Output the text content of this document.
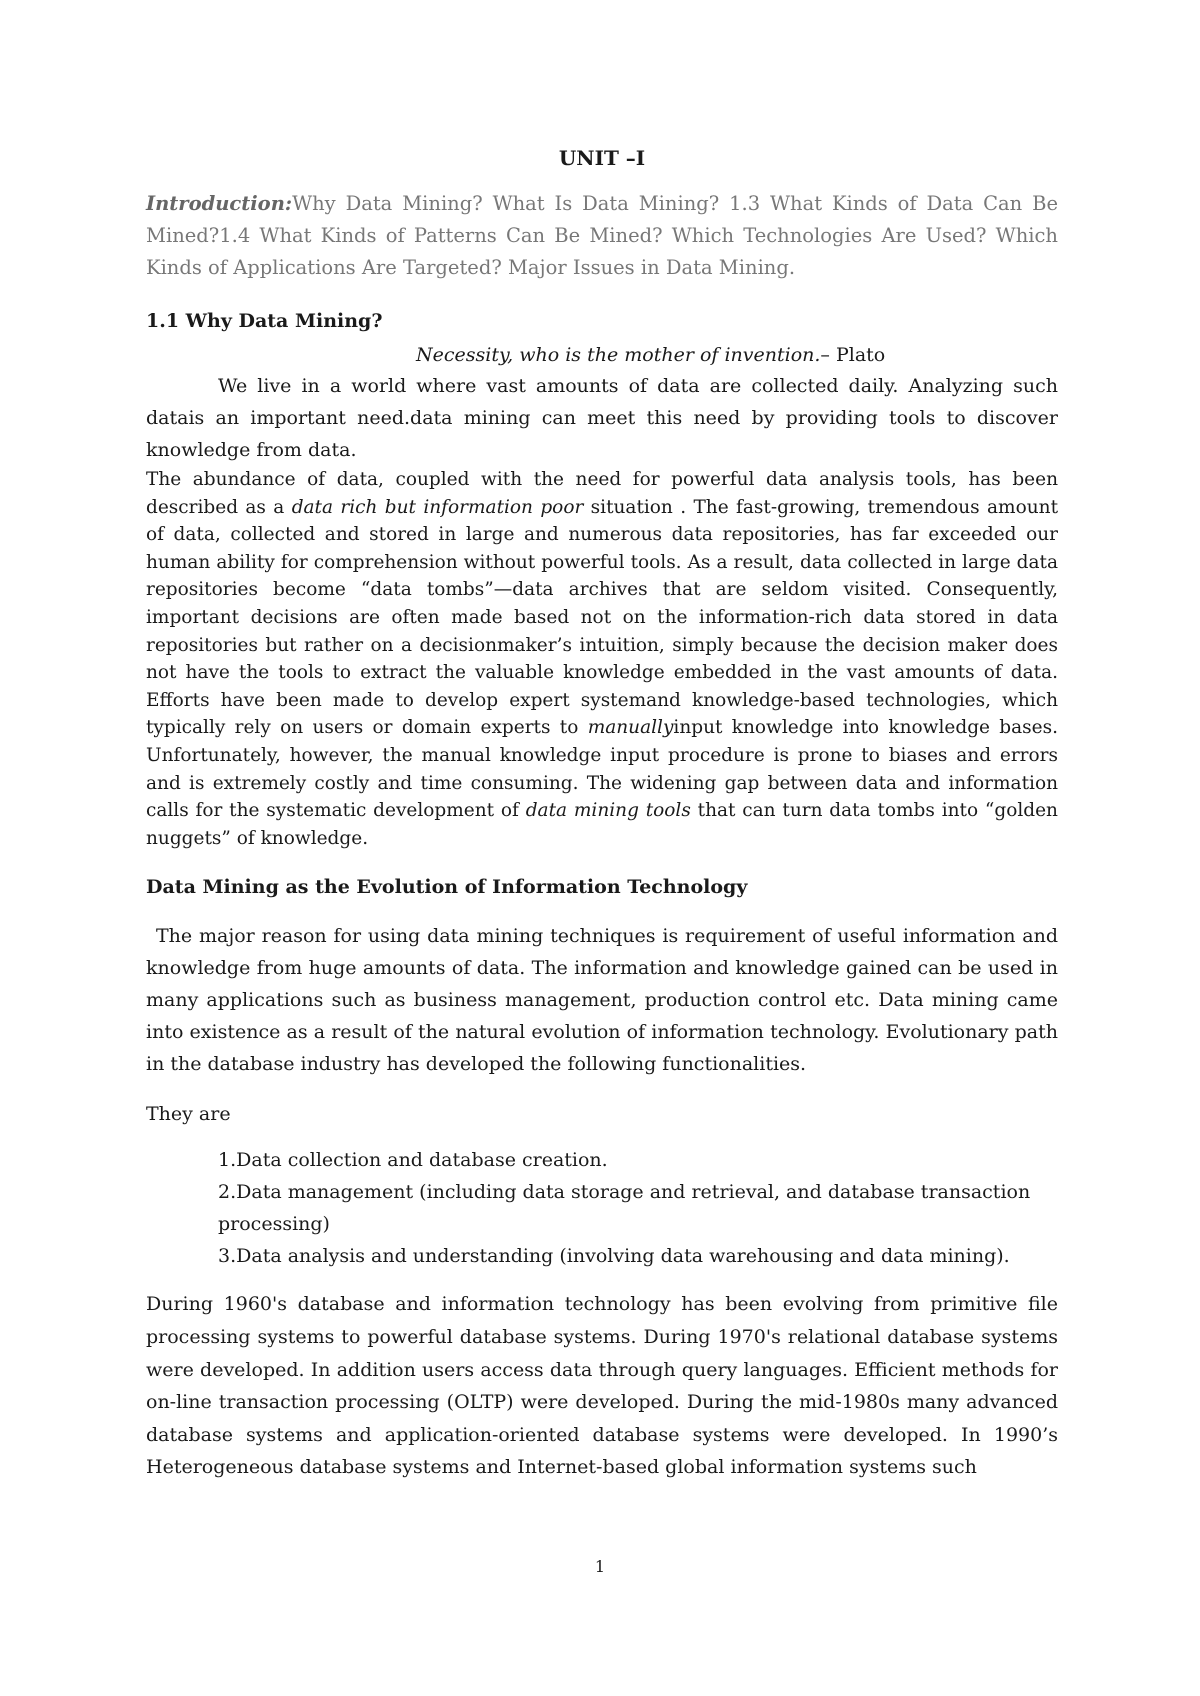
UNIT –I

Introduction:Why Data Mining? What Is Data Mining? 1.3 What Kinds of Data Can Be Mined?1.4 What Kinds of Patterns Can Be Mined? Which Technologies Are Used? Which Kinds of Applications Are Targeted? Major Issues in Data Mining.

1.1 Why Data Mining?
Necessity, who is the mother of invention.– Plato

We live in a world where vast amounts of data are collected daily. Analyzing such datais an important need.data mining can meet this need by providing tools to discover knowledge from data.

The abundance of data, coupled with the need for powerful data analysis tools, has been described as a data rich but information poor situation . The fast-growing, tremendous amount of data, collected and stored in large and numerous data repositories, has far exceeded our human ability for comprehension without powerful tools. As a result, data collected in large data repositories become “data tombs”—data archives that are seldom visited. Consequently, important decisions are often made based not on the information-rich data stored in data repositories but rather on a decisionmaker’s intuition, simply because the decision maker does not have the tools to extract the valuable knowledge embedded in the vast amounts of data. Efforts have been made to develop expert systemand knowledge-based technologies, which typically rely on users or domain experts to manuallyinput knowledge into knowledge bases. Unfortunately, however, the manual knowledge input procedure is prone to biases and errors and is extremely costly and time consuming. The widening gap between data and information calls for the systematic development of data mining tools that can turn data tombs into “golden nuggets” of knowledge.

Data Mining as the Evolution of Information Technology

The major reason for using data mining techniques is requirement of useful information and knowledge from huge amounts of data. The information and knowledge gained can be used in many applications such as business management, production control etc. Data mining came into existence as a result of the natural evolution of information technology. Evolutionary path in the database industry has developed the following functionalities.

They are

1.Data collection and database creation.
2.Data management (including data storage and retrieval, and database transaction processing)
3.Data analysis and understanding (involving data warehousing and data mining).

During 1960's database and information technology has been evolving from primitive file processing systems to powerful database systems. During 1970's relational database systems were developed. In addition users access data through query languages. Efficient methods for on-line transaction processing (OLTP) were developed. During the mid-1980s many advanced database systems and application-oriented database systems were developed. In 1990’s Heterogeneous database systems and Internet-based global information systems such

1
